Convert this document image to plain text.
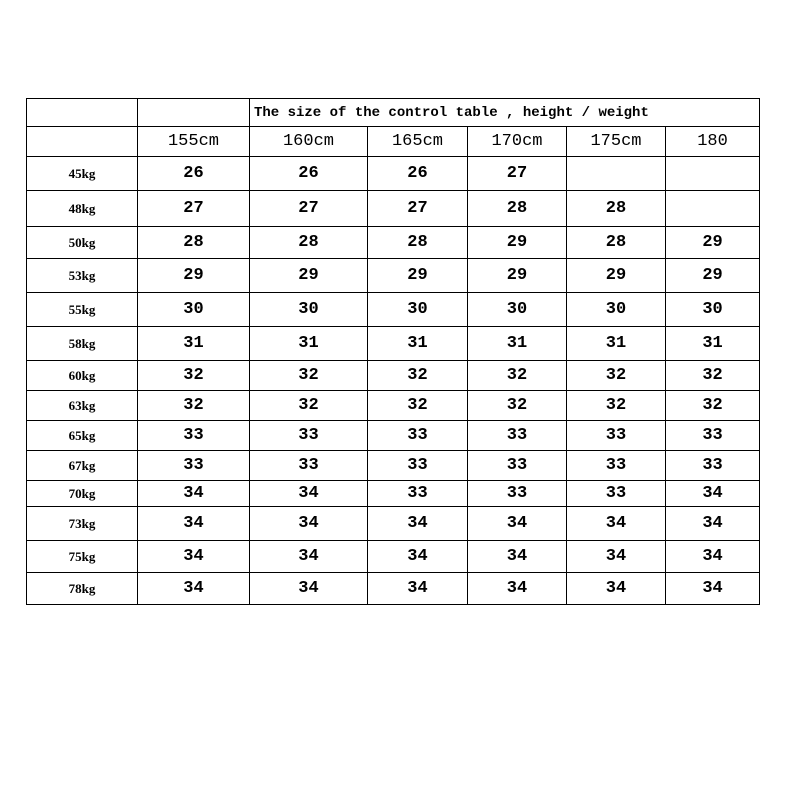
		The size of the control table , height / weight				
	155cm	160cm	165cm	170cm	175cm	180
45kg	26	26	26	27		
48kg	27	27	27	28	28	
50kg	28	28	28	29	28	29
53kg	29	29	29	29	29	29
55kg	30	30	30	30	30	30
58kg	31	31	31	31	31	31
60kg	32	32	32	32	32	32
63kg	32	32	32	32	32	32
65kg	33	33	33	33	33	33
67kg	33	33	33	33	33	33
70kg	34	34	33	33	33	34
73kg	34	34	34	34	34	34
75kg	34	34	34	34	34	34
78kg	34	34	34	34	34	34
